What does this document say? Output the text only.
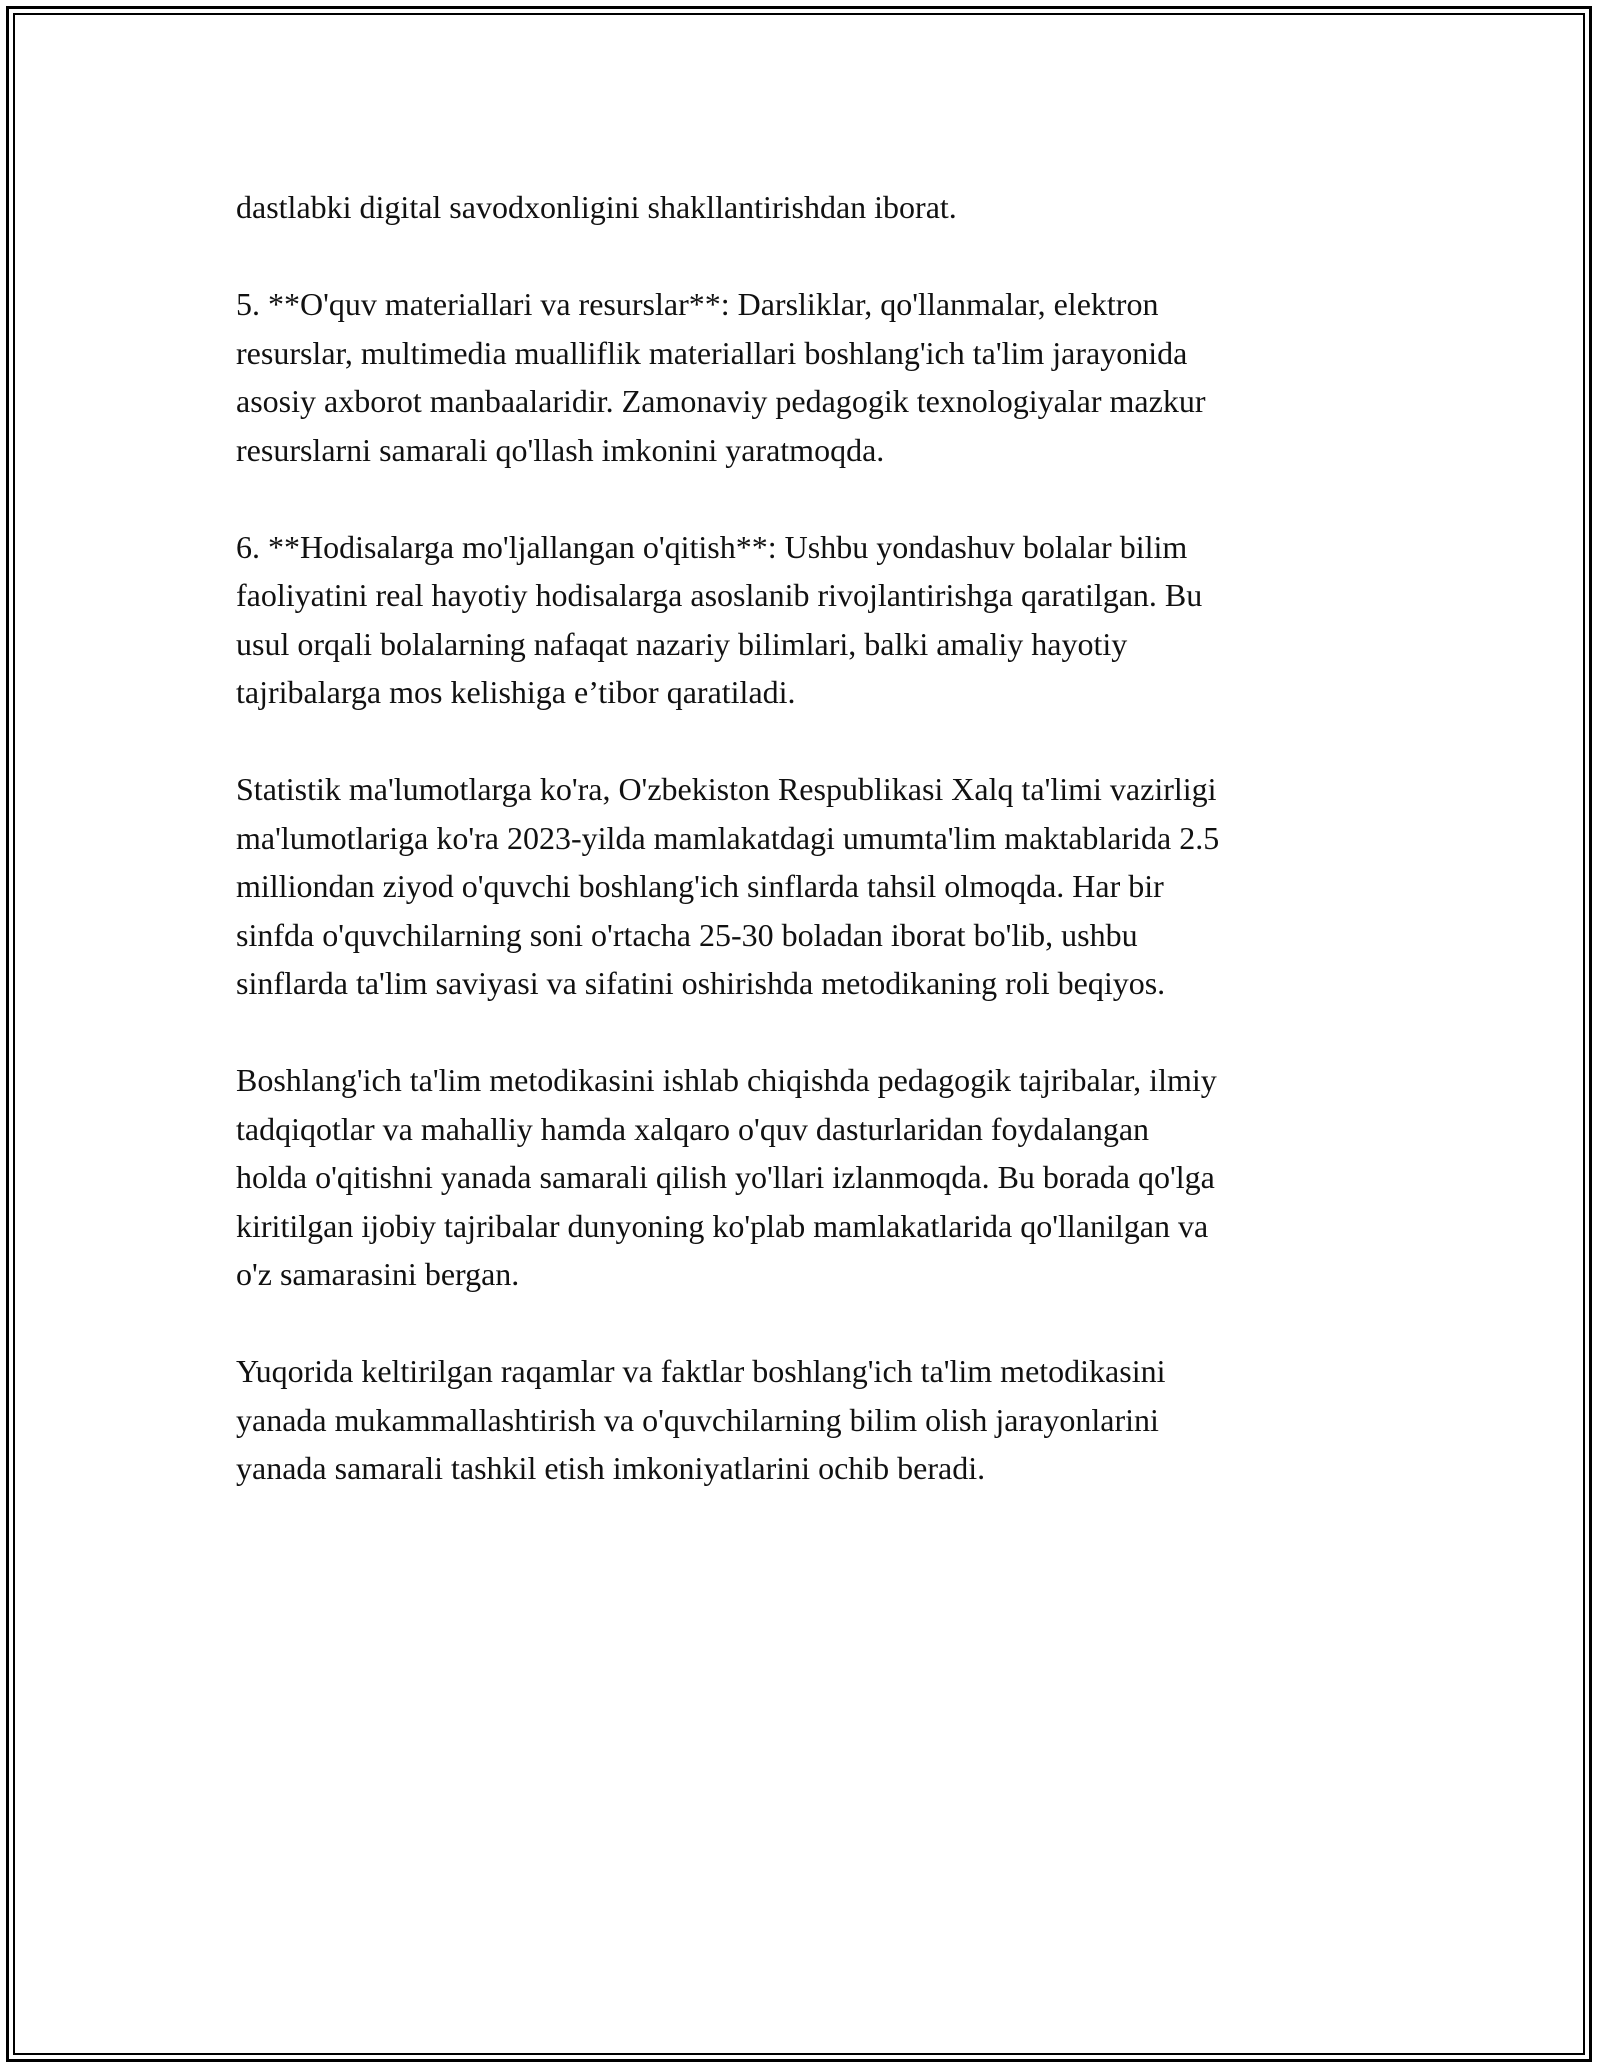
dastlabki digital savodxonligini shakllantirishdan iborat.

5. **O'quv materiallari va resurslar**: Darsliklar, qo'llanmalar, elektron
resurslar, multimedia mualliflik materiallari boshlang'ich ta'lim jarayonida
asosiy axborot manbaalaridir. Zamonaviy pedagogik texnologiyalar mazkur
resurslarni samarali qo'llash imkonini yaratmoqda.

6. **Hodisalarga mo'ljallangan o'qitish**: Ushbu yondashuv bolalar bilim
faoliyatini real hayotiy hodisalarga asoslanib rivojlantirishga qaratilgan. Bu
usul orqali bolalarning nafaqat nazariy bilimlari, balki amaliy hayotiy
tajribalarga mos kelishiga e’tibor qaratiladi.

Statistik ma'lumotlarga ko'ra, O'zbekiston Respublikasi Xalq ta'limi vazirligi
ma'lumotlariga ko'ra 2023-yilda mamlakatdagi umumta'lim maktablarida 2.5
milliondan ziyod o'quvchi boshlang'ich sinflarda tahsil olmoqda. Har bir
sinfda o'quvchilarning soni o'rtacha 25-30 boladan iborat bo'lib, ushbu
sinflarda ta'lim saviyasi va sifatini oshirishda metodikaning roli beqiyos.

Boshlang'ich ta'lim metodikasini ishlab chiqishda pedagogik tajribalar, ilmiy
tadqiqotlar va mahalliy hamda xalqaro o'quv dasturlaridan foydalangan
holda o'qitishni yanada samarali qilish yo'llari izlanmoqda. Bu borada qo'lga
kiritilgan ijobiy tajribalar dunyoning ko'plab mamlakatlarida qo'llanilgan va
o'z samarasini bergan.

Yuqorida keltirilgan raqamlar va faktlar boshlang'ich ta'lim metodikasini
yanada mukammallashtirish va o'quvchilarning bilim olish jarayonlarini
yanada samarali tashkil etish imkoniyatlarini ochib beradi.
